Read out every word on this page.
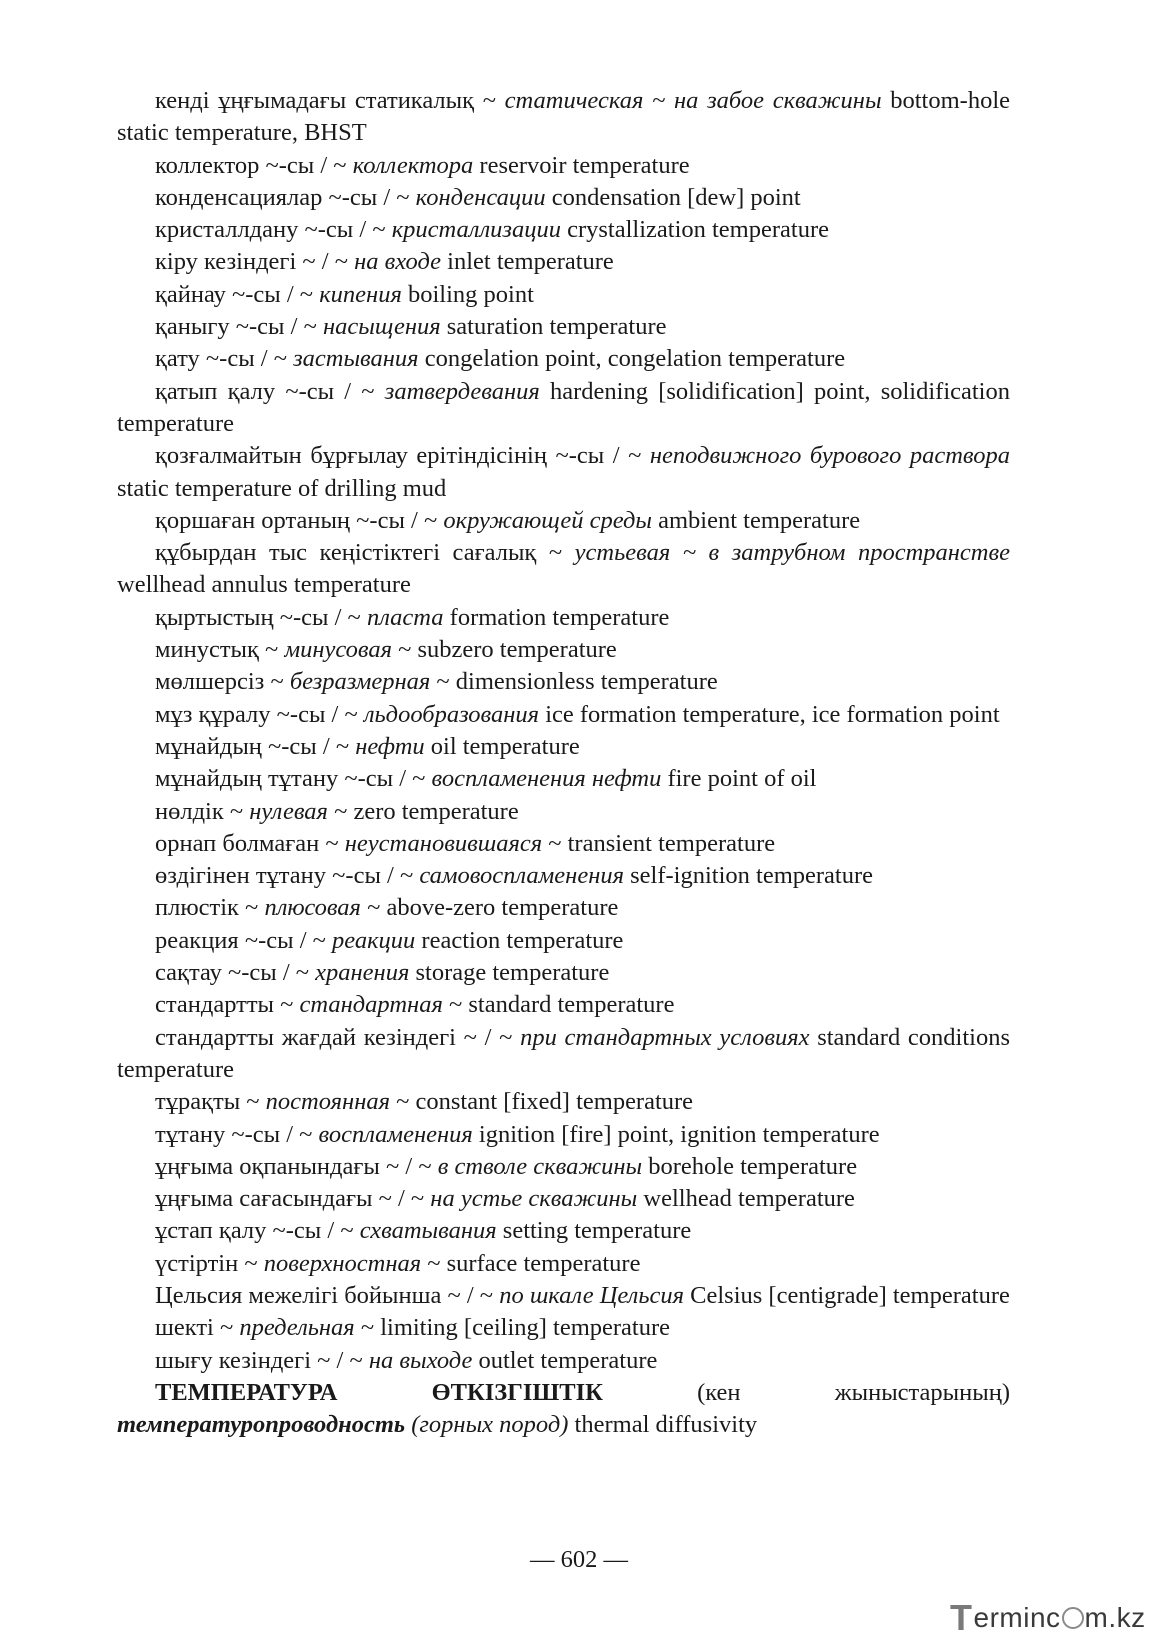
кенді ұңғымадағы статикалық ~ статическая ~ на забое скважины bottom-hole static temperature, BHST

коллектор ~-сы / ~ коллектора reservoir temperature

конденсациялар ~-сы / ~ конденсации condensation [dew] point

кристаллдану ~-сы / ~ кристаллизации crystallization temperature

кіру кезіндегі ~ / ~ на входе inlet temperature

қайнау ~-сы / ~ кипения boiling point

қаныгу ~-сы / ~ насыщения saturation temperature

қату ~-сы / ~ застывания congelation point, congelation temperature

қатып қалу ~-сы / ~ затвердевания hardening [solidification] point, solidification temperature

қозғалмайтын бұрғылау ерітіндісінің ~-сы / ~ неподвижного бурового раствора static temperature of drilling mud

қоршаған ортаның ~-сы / ~ окружающей среды ambient temperature

құбырдан тыс кеңістіктегі сағалық ~ устьевая ~ в затрубном пространстве wellhead annulus temperature

қыртыстың ~-сы / ~ пласта formation temperature

минустық ~ минусовая ~ subzero temperature

мөлшерсіз ~ безразмерная ~ dimensionless temperature

мұз құралу ~-сы / ~ льдообразования ice formation temperature, ice formation point

мұнайдың ~-сы / ~ нефти oil temperature

мұнайдың тұтану ~-сы / ~ воспламенения нефти fire point of oil

нөлдік ~ нулевая ~ zero temperature

орнап болмаған ~ неустановившаяся ~ transient temperature

өздігінен тұтану ~-сы / ~ самовоспламенения self-ignition temperature

плюстік ~ плюсовая ~ above-zero temperature

реакция ~-сы / ~ реакции reaction temperature

сақтау ~-сы / ~ хранения storage temperature

стандартты ~ стандартная ~ standard temperature

стандартты жағдай кезіндегі ~ / ~ при стандартных условиях standard conditions temperature

тұрақты ~ постоянная ~ constant [fixed] temperature

тұтану ~-сы / ~ воспламенения ignition [fire] point, ignition temperature

ұңғыма оқпанындағы ~ / ~ в стволе скважины borehole temperature

ұңғыма сағасындағы ~ / ~ на устье скважины wellhead temperature

ұстап қалу ~-сы / ~ схватывания setting temperature

үстіртін ~ поверхностная ~ surface temperature

Цельсия межелігі бойынша ~ / ~ по шкале Цельсия Celsius [centigrade] temperature

шекті ~ предельная ~ limiting [ceiling] temperature

шығу кезіндегі ~ / ~ на выходе outlet temperature

ТЕМПЕРАТУРА ӨТКІЗГІШТІК (кен жыныстарының) температуропроводность (горных пород) thermal diffusivity

— 602 —
T erminc m.kz
